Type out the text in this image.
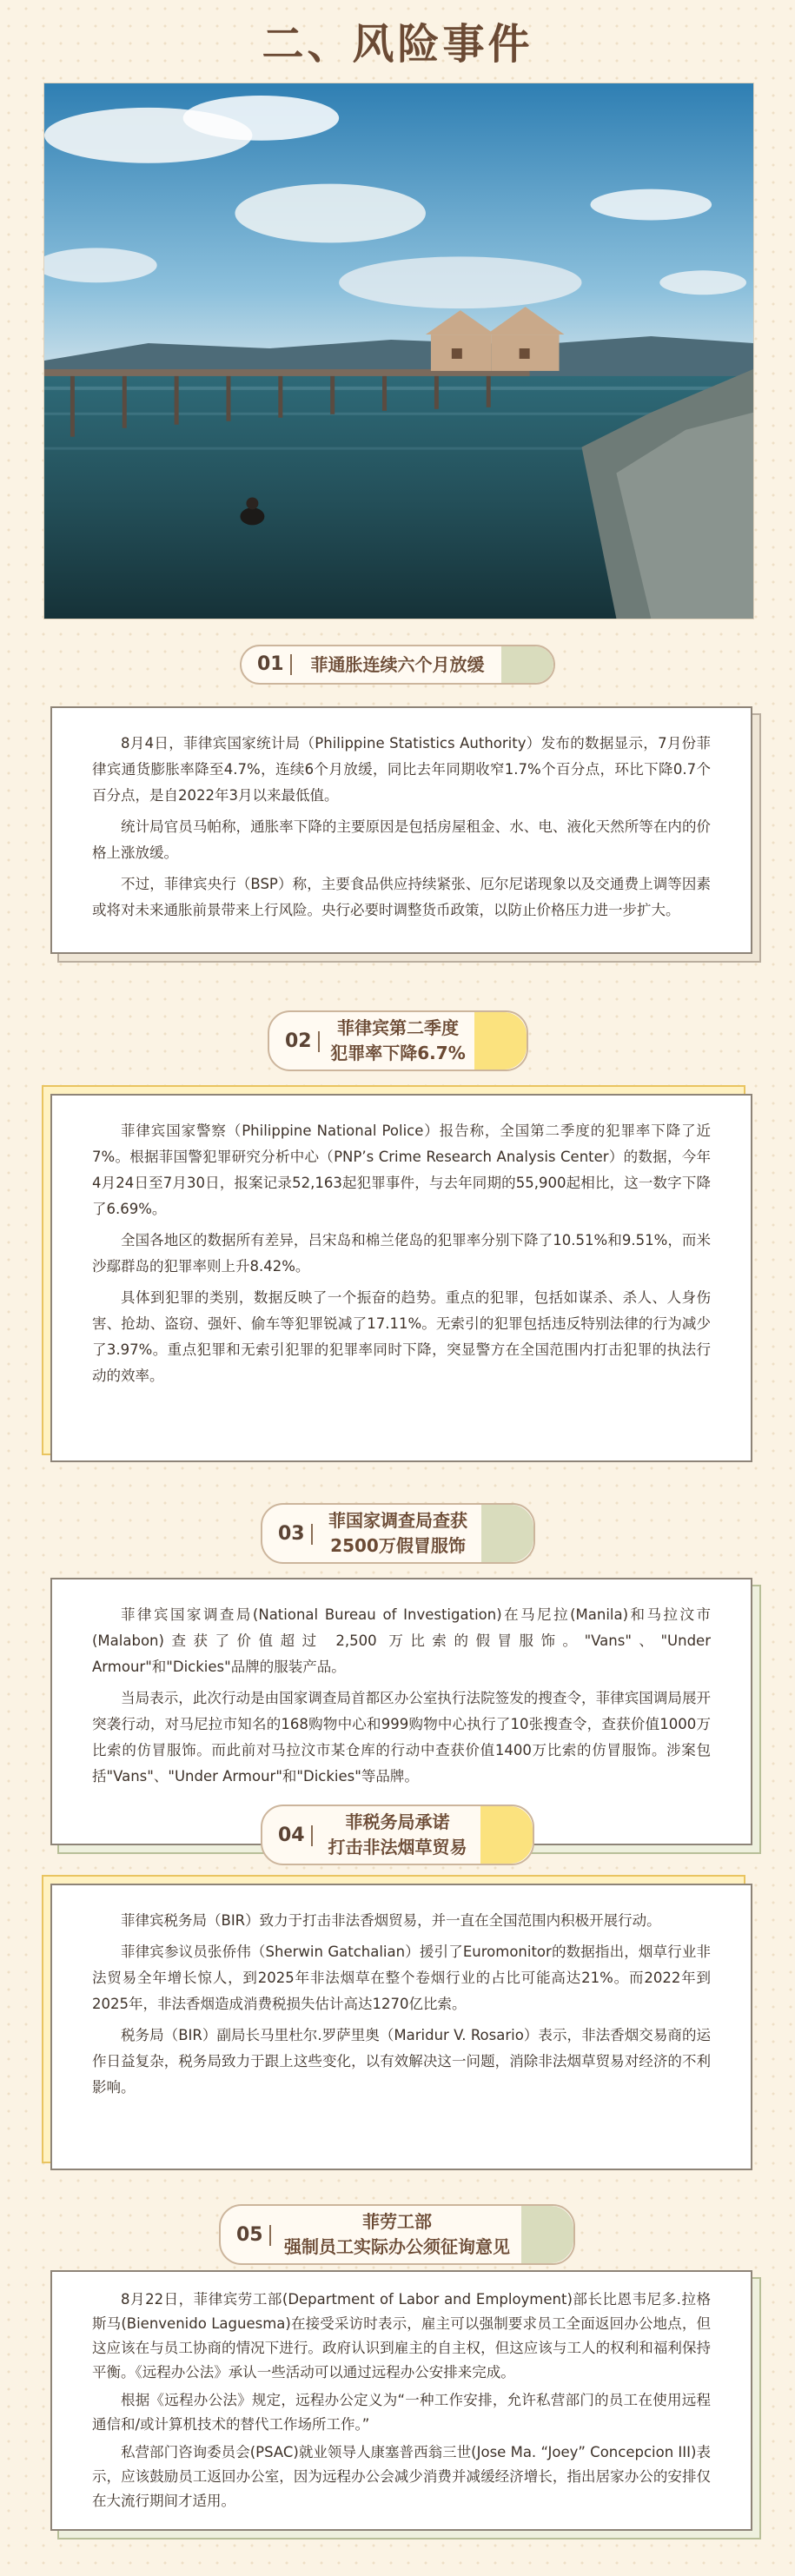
二、风险事件
01	菲通胀连续六个月放缓

8月4日，菲律宾国家统计局（Philippine Statistics Authority）发布的数据显示，7月份菲律宾通货膨胀率降至4.7%，连续6个月放缓，同比去年同期收窄1.7%个百分点，环比下降0.7个百分点，是自2022年3月以来最低值。

统计局官员马帕称，通胀率下降的主要原因是包括房屋租金、水、电、液化天然所等在内的价格上涨放缓。

不过，菲律宾央行（BSP）称，主要食品供应持续紧张、厄尔尼诺现象以及交通费上调等因素或将对未来通胀前景带来上行风险。央行必要时调整货币政策，以防止价格压力进一步扩大。

02
菲律宾第二季度
犯罪率下降6.7%

菲律宾国家警察（Philippine National Police）报告称，全国第二季度的犯罪率下降了近7%。根据菲国警犯罪研究分析中心（PNP’s Crime Research Analysis Center）的数据，今年4月24日至7月30日，报案记录52,163起犯罪事件，与去年同期的55,900起相比，这一数字下降了6.69%。

全国各地区的数据所有差异，吕宋岛和棉兰佬岛的犯罪率分别下降了10.51%和9.51%，而米沙鄢群岛的犯罪率则上升8.42%。

具体到犯罪的类别，数据反映了一个振奋的趋势。重点的犯罪，包括如谋杀、杀人、人身伤害、抢劫、盗窃、强奸、偷车等犯罪锐减了17.11%。无索引的犯罪包括违反特别法律的行为减少了3.97%。重点犯罪和无索引犯罪的犯罪率同时下降，突显警方在全国范围内打击犯罪的执法行动的效率。

03
菲国家调查局查获
2500万假冒服饰

菲律宾国家调查局(National Bureau of Investigation)在马尼拉(Manila)和马拉汶市(Malabon)查获了价值超过 2,500 万比索的假冒服饰。"Vans"、"Under Armour"和"Dickies"品牌的服装产品。

当局表示，此次行动是由国家调查局首都区办公室执行法院签发的搜查令，菲律宾国调局展开突袭行动，对马尼拉市知名的168购物中心和999购物中心执行了10张搜查令，查获价值1000万比索的仿冒服饰。而此前对马拉汶市某仓库的行动中查获价值1400万比索的仿冒服饰。涉案包括"Vans"、"Under Armour"和"Dickies"等品牌。

04
菲税务局承诺
打击非法烟草贸易

菲律宾税务局（BIR）致力于打击非法香烟贸易，并一直在全国范围内积极开展行动。

菲律宾参议员张侨伟（Sherwin Gatchalian）援引了Euromonitor的数据指出，烟草行业非法贸易全年增长惊人，到2025年非法烟草在整个卷烟行业的占比可能高达21%。而2022年到2025年，非法香烟造成消费税损失估计高达1270亿比索。

税务局（BIR）副局长马里杜尔.罗萨里奥（Maridur V. Rosario）表示，非法香烟交易商的运作日益复杂，税务局致力于跟上这些变化，以有效解决这一问题，消除非法烟草贸易对经济的不利影响。

05
菲劳工部
强制员工实际办公须征询意见

8月22日，菲律宾劳工部(Department of Labor and Employment)部长比恩韦尼多.拉格斯马(Bienvenido Laguesma)在接受采访时表示，雇主可以强制要求员工全面返回办公地点，但这应该在与员工协商的情况下进行。政府认识到雇主的自主权，但这应该与工人的权利和福利保持平衡。《远程办公法》承认一些活动可以通过远程办公安排来完成。

根据《远程办公法》规定，远程办公定义为“一种工作安排，允许私营部门的员工在使用远程通信和/或计算机技术的替代工作场所工作。”

私营部门咨询委员会(PSAC)就业领导人康塞普西翁三世(Jose Ma. “Joey” Concepcion III)表示，应该鼓励员工返回办公室，因为远程办公会减少消费并减缓经济增长，指出居家办公的安排仅在大流行期间才适用。
